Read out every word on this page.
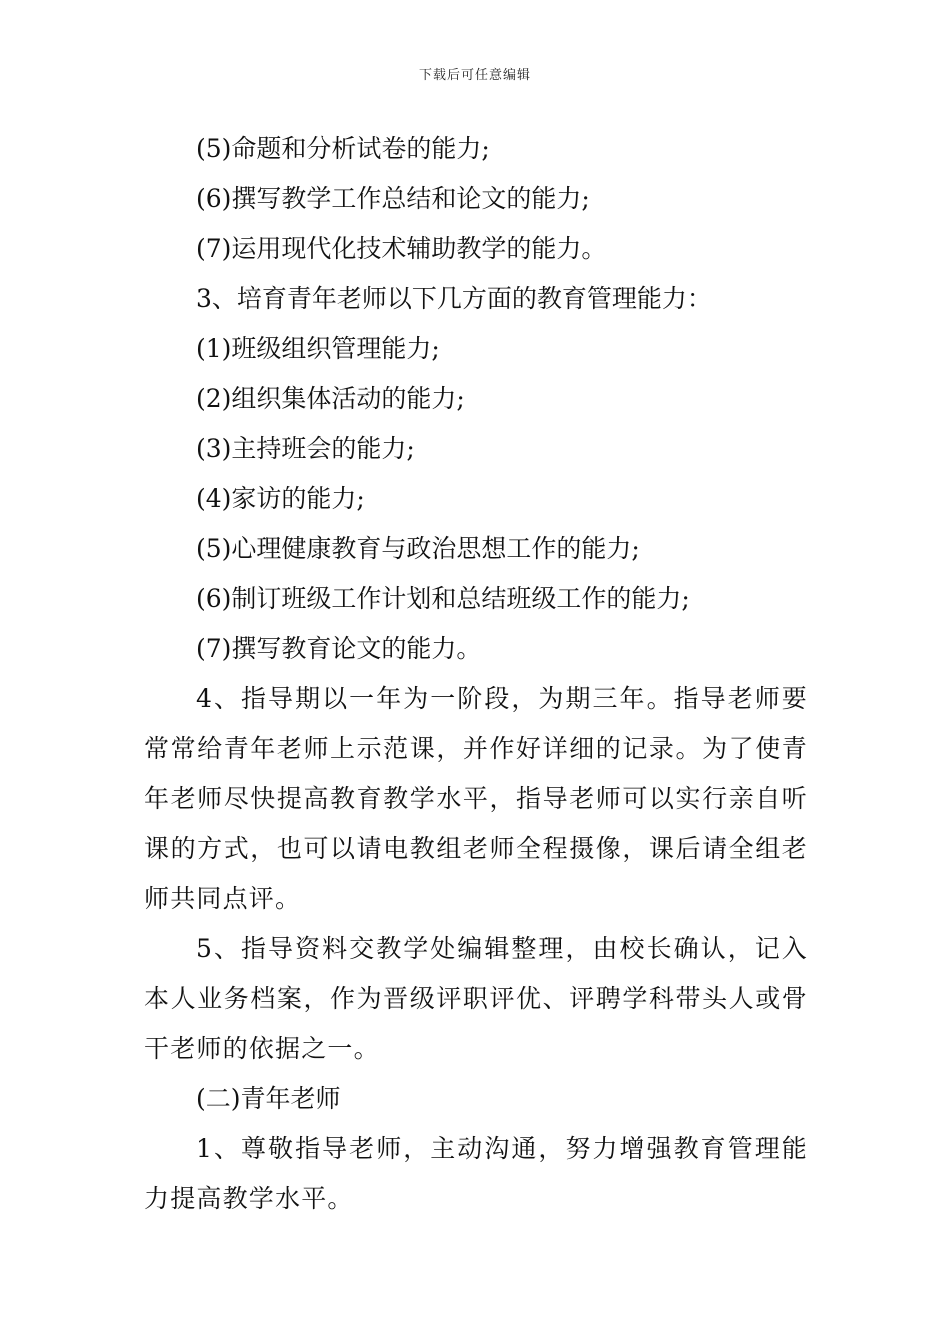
下载后可任意编辑

(5)命题和分析试卷的能力;

(6)撰写教学工作总结和论文的能力;

(7)运用现代化技术辅助教学的能力。

3、培育青年老师以下几方面的教育管理能力：

(1)班级组织管理能力;

(2)组织集体活动的能力;

(3)主持班会的能力;

(4)家访的能力;

(5)心理健康教育与政治思想工作的能力;

(6)制订班级工作计划和总结班级工作的能力;

(7)撰写教育论文的能力。

4、指导期以一年为一阶段，为期三年。指导老师要常常给青年老师上示范课，并作好详细的记录。为了使青年老师尽快提高教育教学水平，指导老师可以实行亲自听课的方式，也可以请电教组老师全程摄像，课后请全组老师共同点评。

5、指导资料交教学处编辑整理，由校长确认，记入本人业务档案，作为晋级评职评优、评聘学科带头人或骨干老师的依据之一。

(二)青年老师

1、尊敬指导老师，主动沟通，努力增强教育管理能力提高教学水平。
